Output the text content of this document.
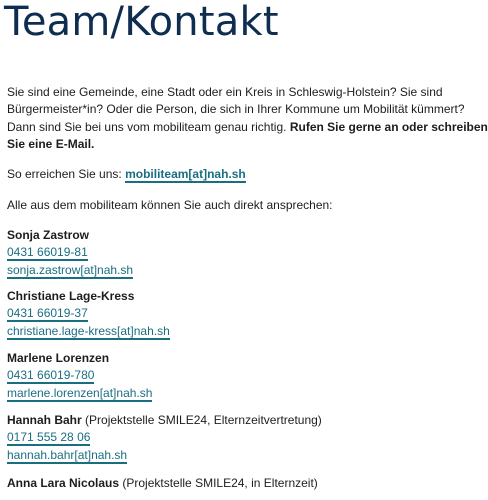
Team/Kontakt

Sie sind eine Gemeinde, eine Stadt oder ein Kreis in Schleswig-Holstein? Sie sind

Bürgermeister*in? Oder die Person, die sich in Ihrer Kommune um Mobilität kümmert?

Dann sind Sie bei uns vom mobiliteam genau richtig. Rufen Sie gerne an oder schreiben

Sie eine E-Mail.

So erreichen Sie uns: mobiliteam[at]nah.sh

Alle aus dem mobiliteam können Sie auch direkt ansprechen:

Sonja Zastrow
0431 66019-81
sonja.zastrow[at]nah.sh
Christiane Lage-Kress
0431 66019-37
christiane.lage-kress[at]nah.sh
Marlene Lorenzen
0431 66019-780
marlene.lorenzen[at]nah.sh
Hannah Bahr (Projektstelle SMILE24, Elternzeitvertretung)
0171 555 28 06
hannah.bahr[at]nah.sh
Anna Lara Nicolaus (Projektstelle SMILE24, in Elternzeit)
